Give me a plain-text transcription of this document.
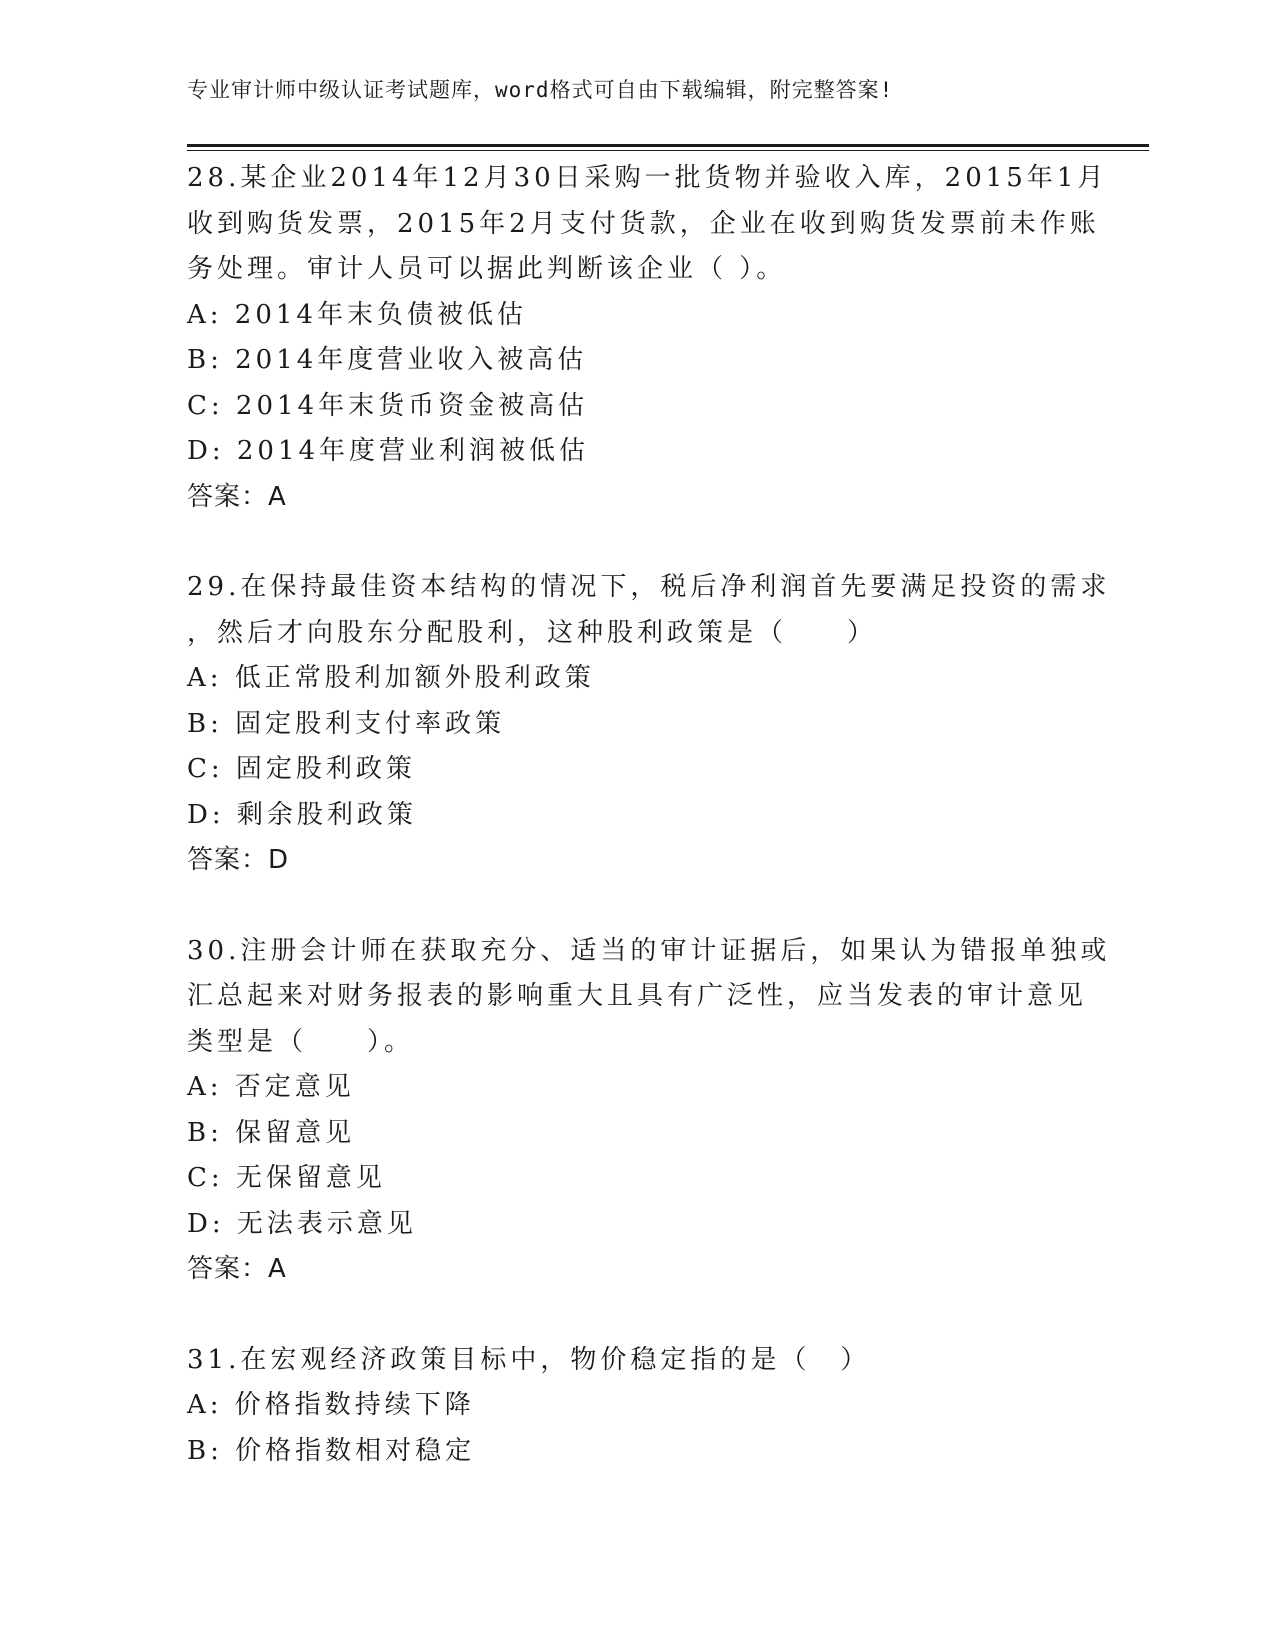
专业审计师中级认证考试题库，word格式可自由下载编辑，附完整答案!
28.某企业2014年12月30日采购一批货物并验收入库，2015年1月
收到购货发票，2015年2月支付货款，企业在收到购货发票前未作账
务处理。审计人员可以据此判断该企业（ ）。
A: 2014年末负债被低估
B: 2014年度营业收入被高估
C: 2014年末货币资金被高估
D: 2014年度营业利润被低估
答案：A
29.在保持最佳资本结构的情况下，税后净利润首先要满足投资的需求
，然后才向股东分配股利，这种股利政策是（　　）
A: 低正常股利加额外股利政策
B: 固定股利支付率政策
C: 固定股利政策
D: 剩余股利政策
答案：D
30.注册会计师在获取充分、适当的审计证据后，如果认为错报单独或
汇总起来对财务报表的影响重大且具有广泛性，应当发表的审计意见
类型是（　　）。
A: 否定意见
B: 保留意见
C: 无保留意见
D: 无法表示意见
答案：A
31.在宏观经济政策目标中，物价稳定指的是（　）
A: 价格指数持续下降
B: 价格指数相对稳定
